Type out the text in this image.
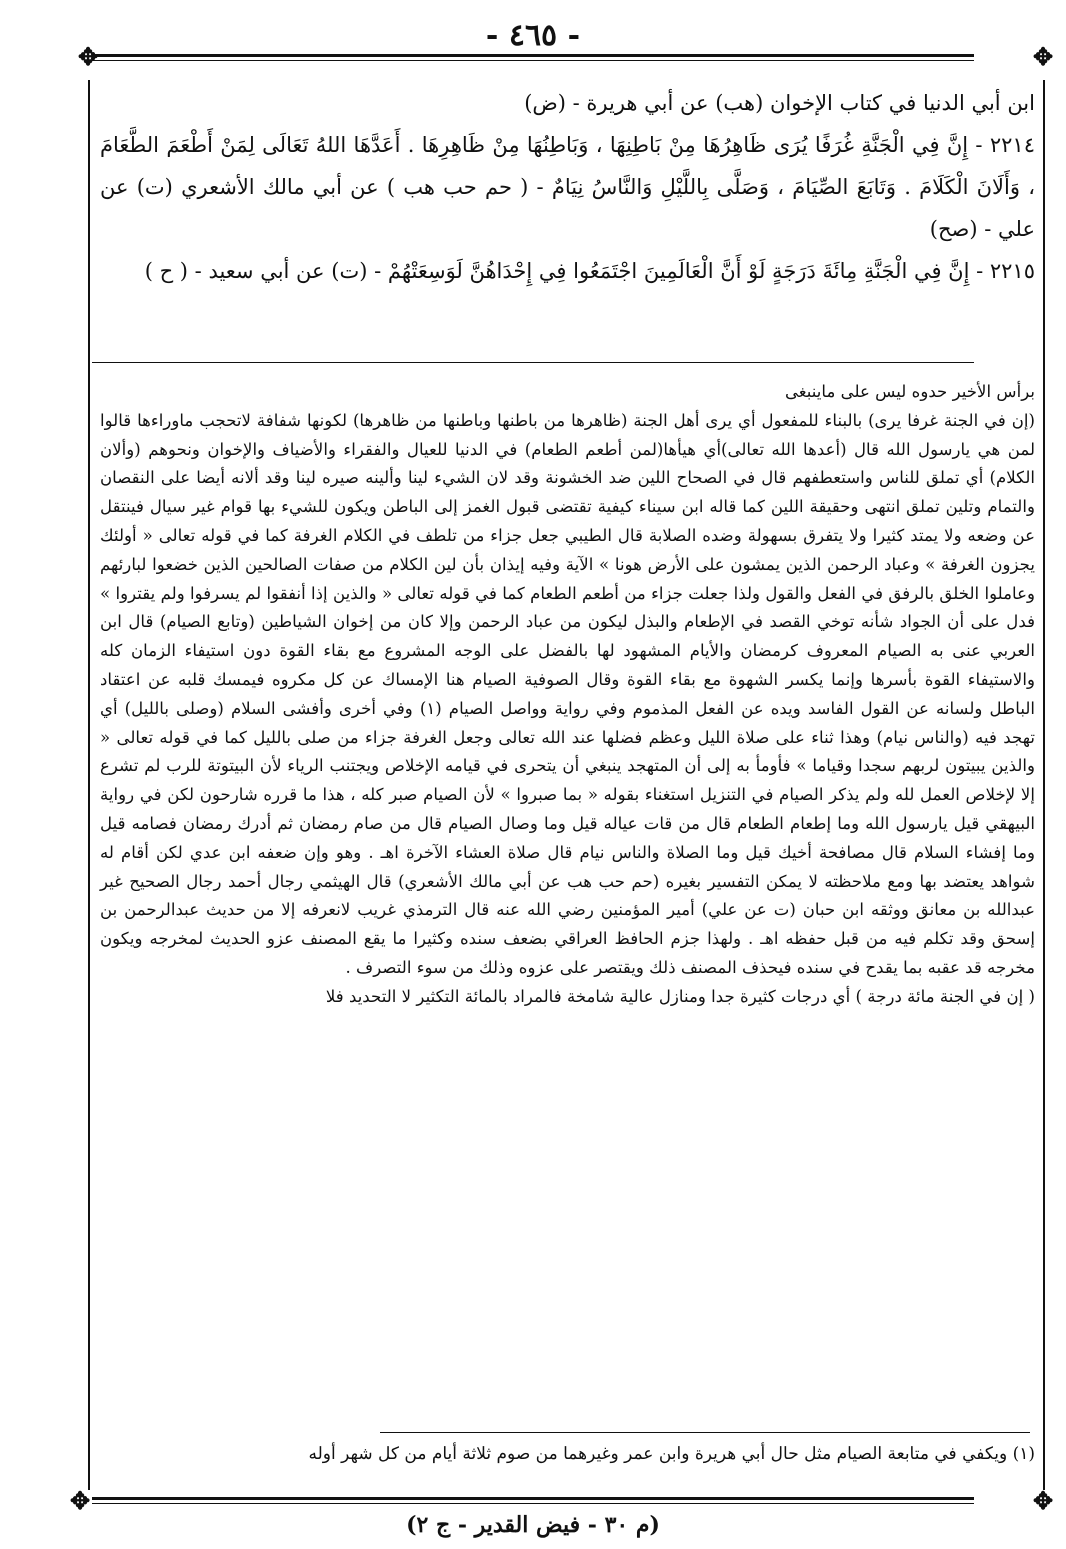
- ٤٦٥ -
✥	✥
✥	✥

ابن أبي الدنيا في كتاب الإخوان (هب) عن أبي هريرة - (ض)

٢٢١٤ - إِنَّ فِي الْجَنَّةِ غُرَفًا يُرَى ظَاهِرُهَا مِنْ بَاطِنِهَا ، وَبَاطِنُهَا مِنْ ظَاهِرِهَا . أَعَدَّهَا اللهُ تَعَالَى لِمَنْ أَطْعَمَ الطَّعَامَ ، وَأَلَانَ الْكَلَامَ . وَتَابَعَ الصِّيَامَ ، وَصَلَّى بِاللَّيْلِ وَالنَّاسُ نِيَامٌ - ( حم حب هب ) عن أبي مالك الأشعري (ت) عن علي - (صح)

٢٢١٥ - إِنَّ فِي الْجَنَّةِ مِائَةَ دَرَجَةٍ لَوْ أَنَّ الْعَالَمِينَ اجْتَمَعُوا فِي إِحْدَاهُنَّ لَوَسِعَتْهُمْ - (ت) عن أبي سعيد - ( ح )

برأس الأخير حدوه ليس على ماينبغى

(إن في الجنة غرفا يرى) بالبناء للمفعول أي يرى أهل الجنة (ظاهرها من باطنها وباطنها من ظاهرها) لكونها شفافة لاتحجب ماوراءها قالوا لمن هي يارسول الله قال (أعدها الله تعالى)أي هيأها(لمن أطعم الطعام) في الدنيا للعيال والفقراء والأضياف والإخوان ونحوهم (وألان الكلام) أي تملق للناس واستعطفهم قال في الصحاح اللين ضد الخشونة وقد لان الشيء لينا وألينه صيره لينا وقد ألانه أيضا على النقصان والتمام وتلين تملق انتهى وحقيقة اللين كما قاله ابن سيناء كيفية تقتضى قبول الغمز إلى الباطن ويكون للشيء بها قوام غير سيال فينتقل عن وضعه ولا يمتد كثيرا ولا يتفرق بسهولة وضده الصلابة قال الطيبي جعل جزاء من تلطف في الكلام الغرفة كما في قوله تعالى « أولئك يجزون الغرفة » وعباد الرحمن الذين يمشون على الأرض هونا » الآية وفيه إيذان بأن لين الكلام من صفات الصالحين الذين خضعوا لبارئهم وعاملوا الخلق بالرفق في الفعل والقول ولذا جعلت جزاء من أطعم الطعام كما في قوله تعالى « والذين إذا أنفقوا لم يسرفوا ولم يقتروا » فدل على أن الجواد شأنه توخي القصد في الإطعام والبذل ليكون من عباد الرحمن وإلا كان من إخوان الشياطين (وتابع الصيام) قال ابن العربي عنى به الصيام المعروف كرمضان والأيام المشهود لها بالفضل على الوجه المشروع مع بقاء القوة دون استيفاء الزمان كله والاستيفاء القوة بأسرها وإنما يكسر الشهوة مع بقاء القوة وقال الصوفية الصيام هنا الإمساك عن كل مكروه فيمسك قلبه عن اعتقاد الباطل ولسانه عن القول الفاسد ويده عن الفعل المذموم وفي رواية وواصل الصيام (١) وفي أخرى وأفشى السلام (وصلى بالليل) أي تهجد فيه (والناس نيام) وهذا ثناء على صلاة الليل وعظم فضلها عند الله تعالى وجعل الغرفة جزاء من صلى بالليل كما في قوله تعالى « والذين يبيتون لربهم سجدا وقياما » فأومأ به إلى أن المتهجد ينبغي أن يتحرى في قيامه الإخلاص ويجتنب الرياء لأن البيتوتة للرب لم تشرع إلا لإخلاص العمل لله ولم يذكر الصيام في التنزيل استغناء بقوله « بما صبروا » لأن الصيام صبر كله ، هذا ما قرره شارحون لكن في رواية البيهقي قيل يارسول الله وما إطعام الطعام قال من قات عياله قيل وما وصال الصيام قال من صام رمضان ثم أدرك رمضان فصامه قيل وما إفشاء السلام قال مصافحة أخيك قيل وما الصلاة والناس نيام قال صلاة العشاء الآخرة اهـ . وهو وإن ضعفه ابن عدي لكن أقام له شواهد يعتضد بها ومع ملاحظته لا يمكن التفسير بغيره (حم حب هب عن أبي مالك الأشعري) قال الهيثمي رجال أحمد رجال الصحيح غير عبدالله بن معانق ووثقه ابن حبان (ت عن علي) أمير المؤمنين رضي الله عنه قال الترمذي غريب لانعرفه إلا من حديث عبدالرحمن بن إسحق وقد تكلم فيه من قبل حفظه اهـ . ولهذا جزم الحافظ العراقي بضعف سنده وكثيرا ما يقع المصنف عزو الحديث لمخرجه ويكون مخرجه قد عقبه بما يقدح في سنده فيحذف المصنف ذلك ويقتصر على عزوه وذلك من سوء التصرف .

( إن في الجنة مائة درجة ) أي درجات كثيرة جدا ومنازل عالية شامخة فالمراد بالمائة التكثير لا التحديد فلا

(١) ويكفي في متابعة الصيام مثل حال أبي هريرة وابن عمر وغيرهما من صوم ثلاثة أيام من كل شهر أوله
(م ٣٠ - فيض القدير - ج ٢)
